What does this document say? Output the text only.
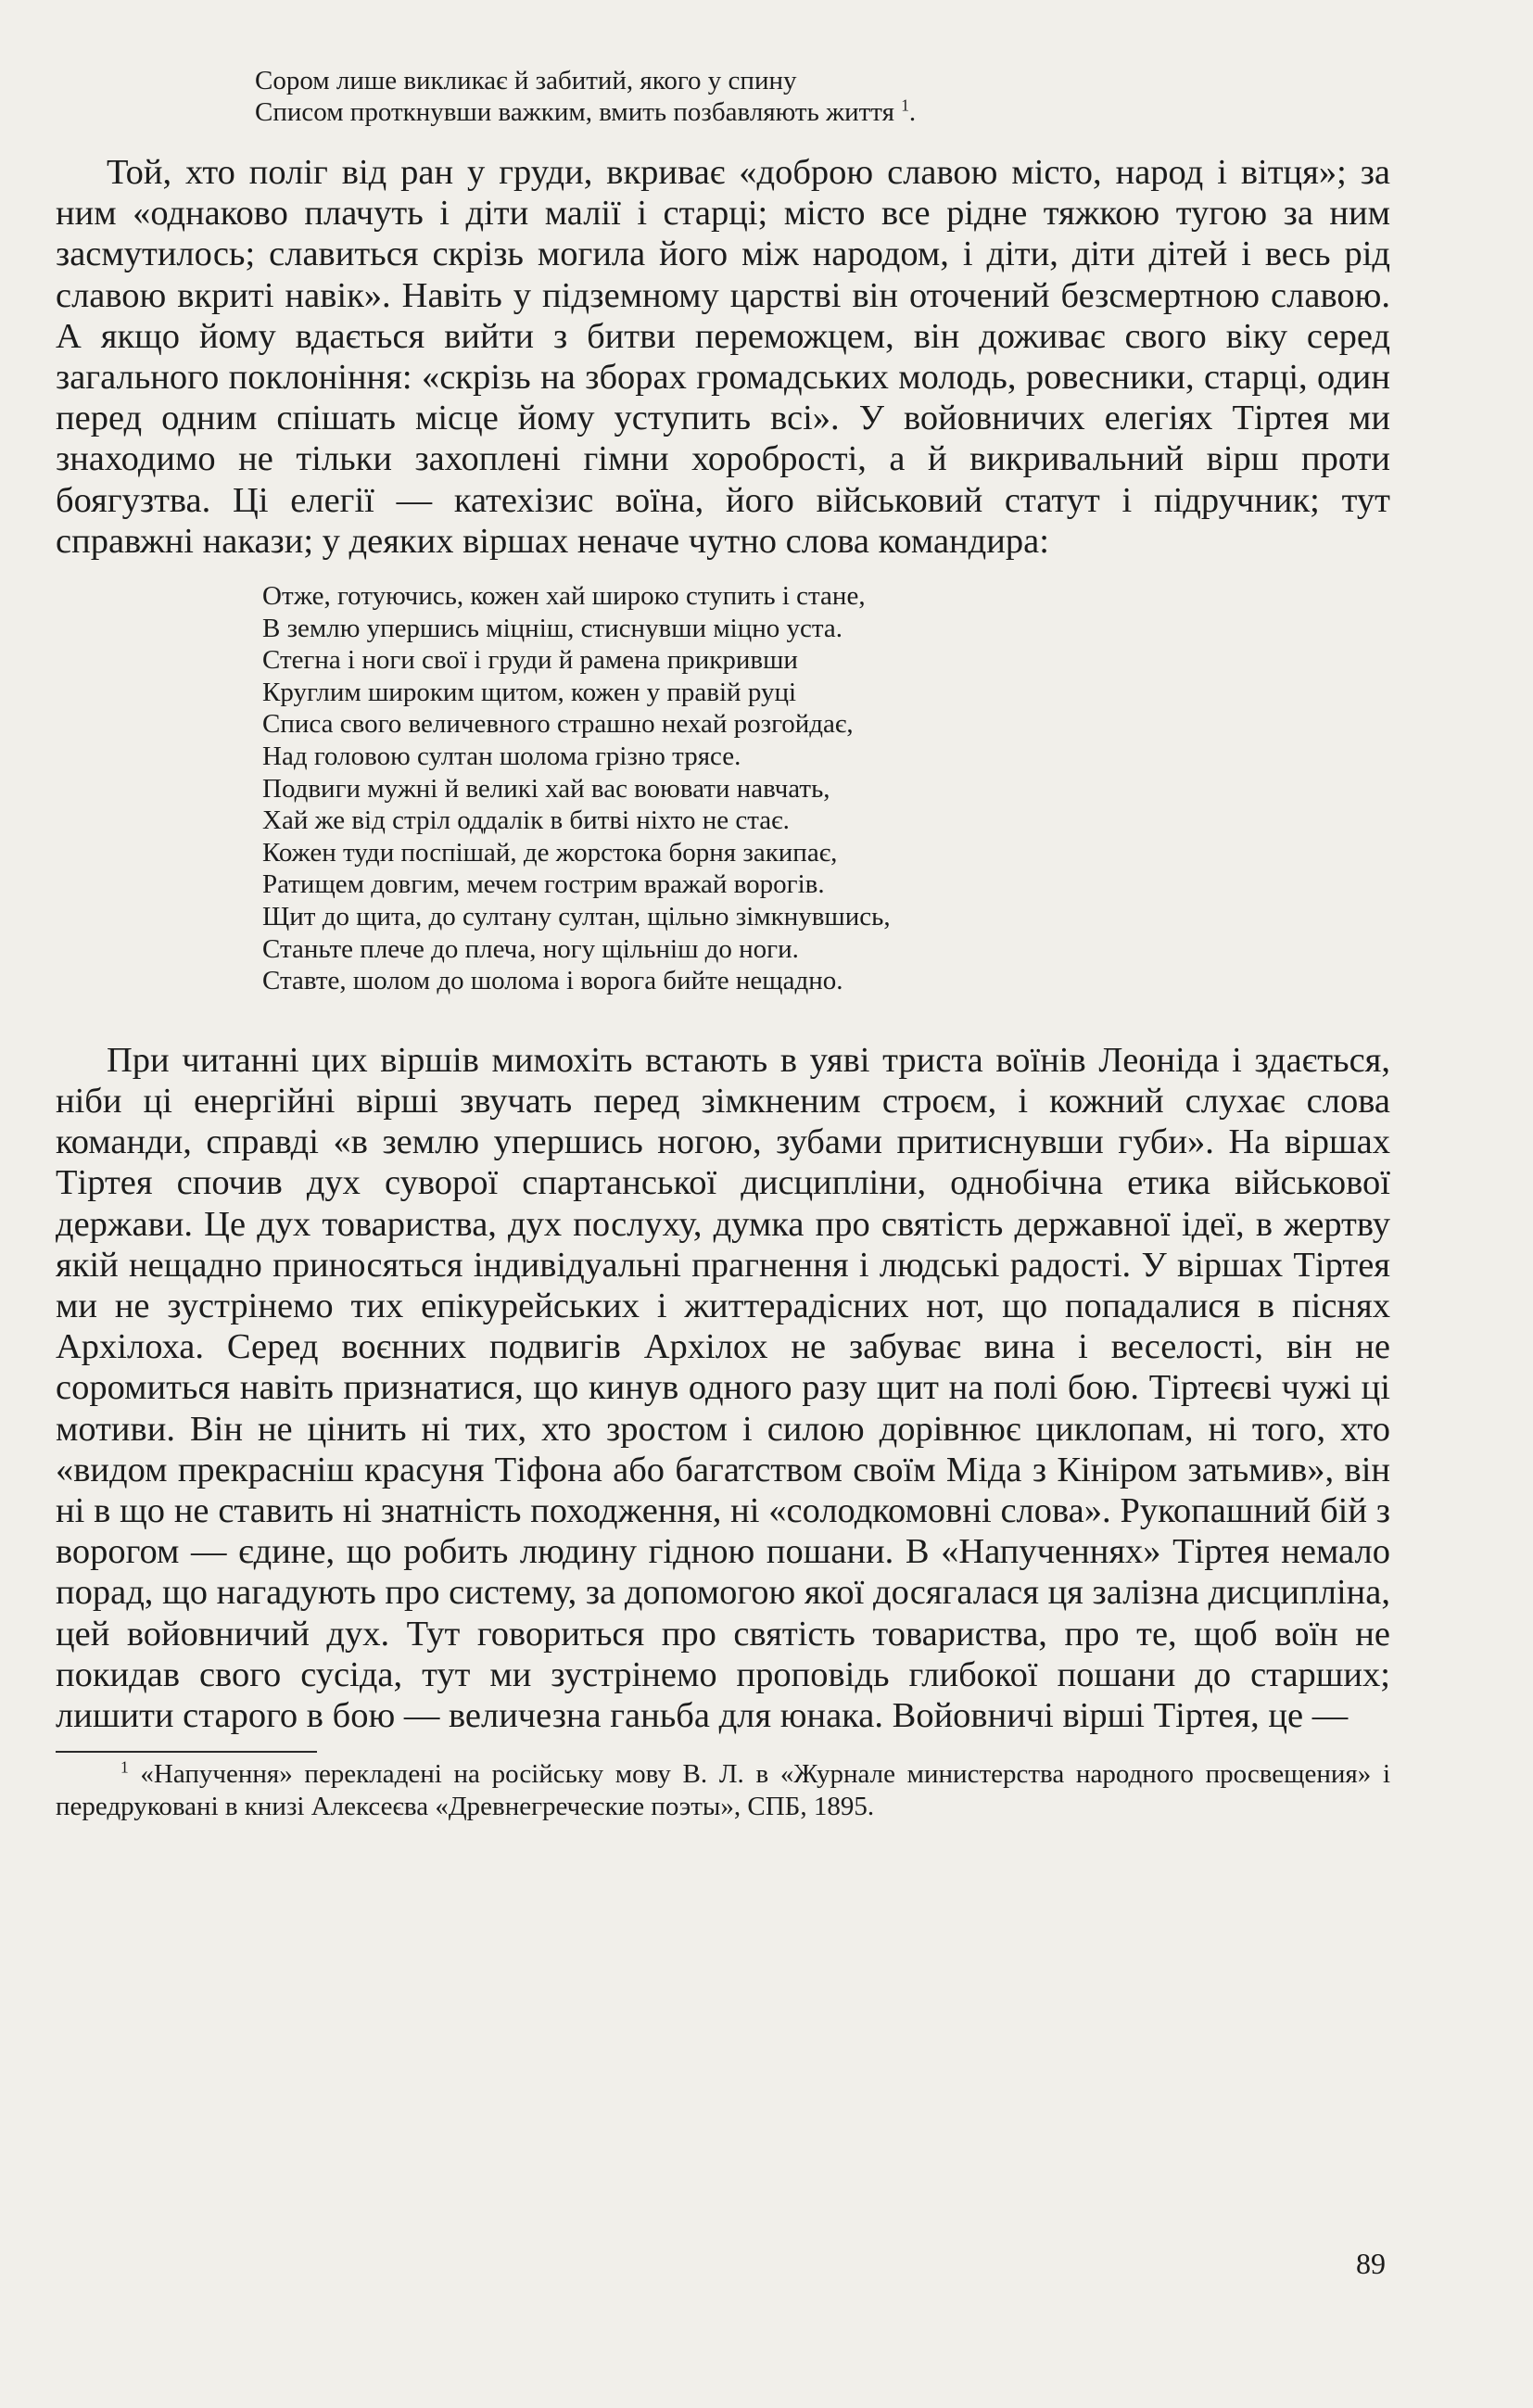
Сором лише викликає й забитий, якого у спину
Списом проткнувши важким, вмить позбавляють життя $^1$.

Той, хто поліг від ран у груди, вкриває «доброю славою місто, народ і вітця»; за ним «однаково плачуть і діти малії і старці; місто все рідне тяжкою тугою за ним засмутилось; славиться скрізь могила його між народом, і діти, діти дітей і весь рід славою вкриті навік». Навіть у підземному царстві він оточений безсмертною славою. А якщо йому вдається вийти з битви переможцем, він доживає свого віку серед загального поклоніння: «скрізь на зборах громадських молодь, ровесники, старці, один перед одним спішать місце йому уступить всі». У войовничих елегіях Тіртея ми знаходимо не тільки захоплені гімни хоробрості, а й викривальний вірш проти боягузтва. Ці елегії — катехізис воїна, його військовий статут і підручник; тут справжні накази; у деяких віршах неначе чутно слова командира:

Отже, готуючись, кожен хай широко ступить і стане,
В землю упершись міцніш, стиснувши міцно уста.
Стегна і ноги свої і груди й рамена прикривши
Круглим широким щитом, кожен у правій руці
Списа свого величевного страшно нехай розгойдає,
Над головою султан шолома грізно трясе.
Подвиги мужні й великі хай вас воювати навчать,
Хай же від стріл оддалік в битві ніхто не стає.
Кожен туди поспішай, де жорстока борня закипає,
Ратищем довгим, мечем гострим вражай ворогів.
Щит до щита, до султану султан, щільно зімкнувшись,
Станьте плече до плеча, ногу щільніш до ноги.
Ставте, шолом до шолома і ворога бийте нещадно.

При читанні цих віршів мимохіть встають в уяві триста воїнів Леоніда і здається, ніби ці енергійні вірші звучать перед зімкненим строєм, і кожний слухає слова команди, справді «в землю упершись ногою, зубами притиснувши губи». На віршах Тіртея спочив дух суворої спартанської дисципліни, однобічна етика військової держави. Це дух товариства, дух послуху, думка про святість державної ідеї, в жертву якій нещадно приносяться індивідуальні прагнення і людські радості. У віршах Тіртея ми не зустрінемо тих епікурейських і життерадісних нот, що попадалися в піснях Архілоха. Серед воєнних подвигів Архілох не забуває вина і веселості, він не соромиться навіть признатися, що кинув одного разу щит на полі бою. Тіртеєві чужі ці мотиви. Він не цінить ні тих, хто зростом і силою дорівнює циклопам, ні того, хто «видом прекрасніш красуня Тіфона або багатством своїм Міда з Кініром затьмив», він ні в що не ставить ні знатність походження, ні «солодкомовні слова». Рукопашний бій з ворогом — єдине, що робить людину гідною пошани. В «Напученнях» Тіртея немало порад, що нагадують про систему, за допомогою якої досягалася ця залізна дисципліна, цей войовничий дух. Тут говориться про святість товариства, про те, щоб воїн не покидав свого сусіда, тут ми зустрінемо проповідь глибокої пошани до старших; лишити старого в бою — величезна ганьба для юнака. Войовничі вірші Тіртея, це —

$^1$ «Напучення» перекладені на російську мову В. Л. в «Журнале министерства народного просвещения» і передруковані в книзі Алексеєва «Древнегреческие поэты», СПБ, 1895.
89
